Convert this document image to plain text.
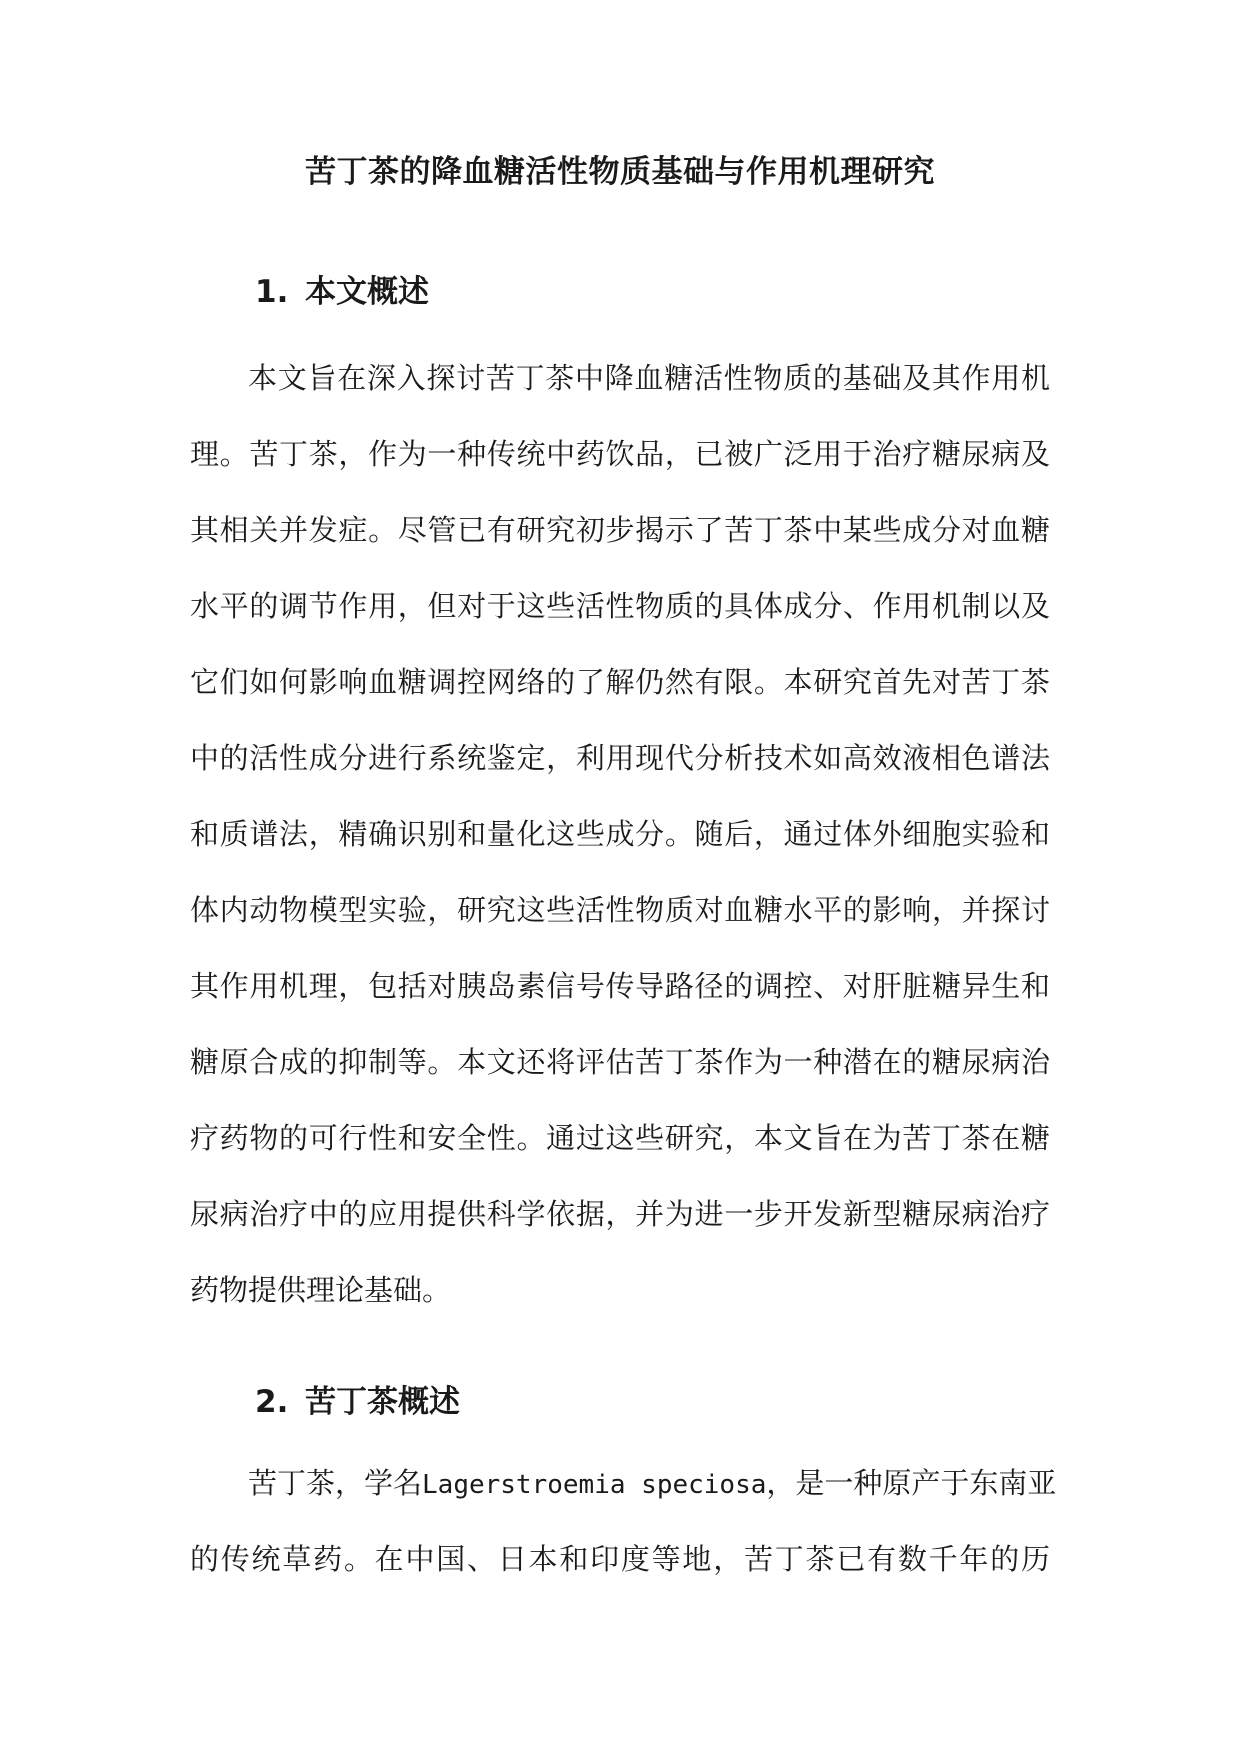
苦丁茶的降血糖活性物质基础与作用机理研究
1. 本文概述
本文旨在深入探讨苦丁茶中降血糖活性物质的基础及其作用机
理。苦丁茶，作为一种传统中药饮品，已被广泛用于治疗糖尿病及
其相关并发症。尽管已有研究初步揭示了苦丁茶中某些成分对血糖
水平的调节作用，但对于这些活性物质的具体成分、作用机制以及
它们如何影响血糖调控网络的了解仍然有限。本研究首先对苦丁茶
中的活性成分进行系统鉴定，利用现代分析技术如高效液相色谱法
和质谱法，精确识别和量化这些成分。随后，通过体外细胞实验和
体内动物模型实验，研究这些活性物质对血糖水平的影响，并探讨
其作用机理，包括对胰岛素信号传导路径的调控、对肝脏糖异生和
糖原合成的抑制等。本文还将评估苦丁茶作为一种潜在的糖尿病治
疗药物的可行性和安全性。通过这些研究，本文旨在为苦丁茶在糖
尿病治疗中的应用提供科学依据，并为进一步开发新型糖尿病治疗
药物提供理论基础。
2. 苦丁茶概述
苦丁茶，学名Lagerstroemia speciosa，是一种原产于东南亚
的传统草药。在中国、日本和印度等地，苦丁茶已有数千年的历
